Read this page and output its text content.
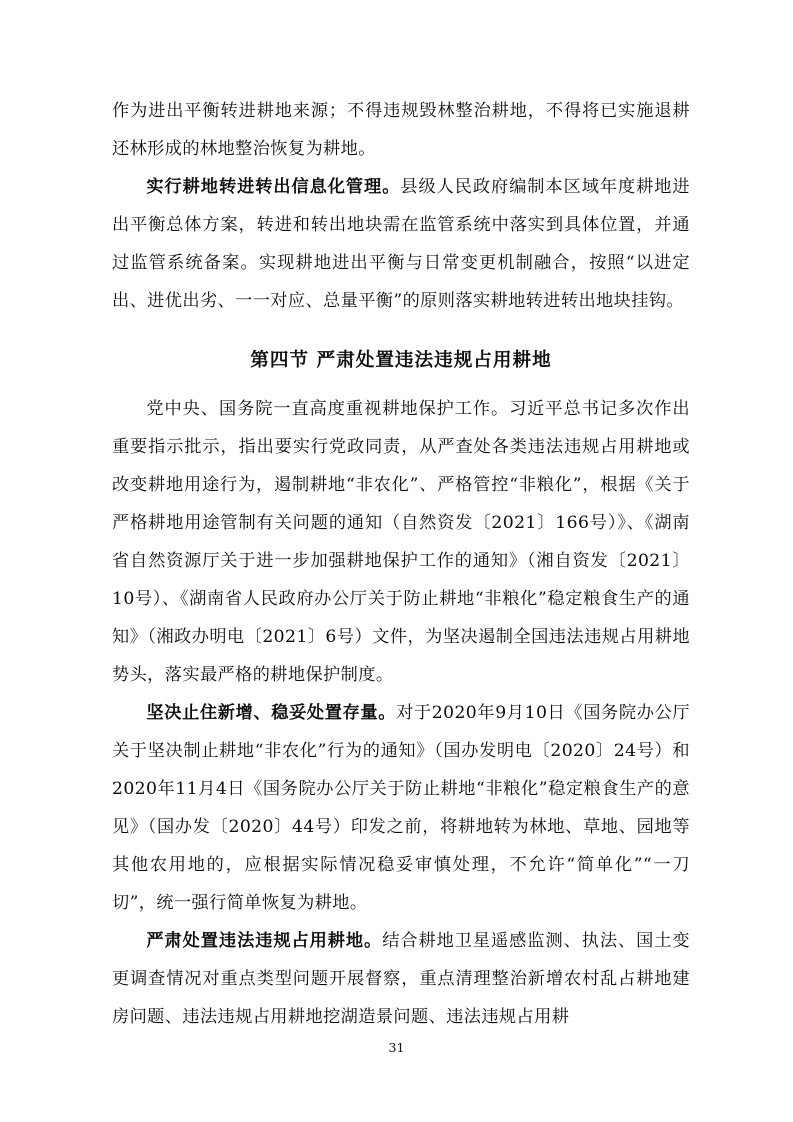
作为进出平衡转进耕地来源；不得违规毁林整治耕地，不得将已实施退耕还林形成的林地整治恢复为耕地。

实行耕地转进转出信息化管理。县级人民政府编制本区域年度耕地进出平衡总体方案，转进和转出地块需在监管系统中落实到具体位置，并通过监管系统备案。实现耕地进出平衡与日常变更机制融合，按照“以进定出、进优出劣、一一对应、总量平衡”的原则落实耕地转进转出地块挂钩。

第四节 严肃处置违法违规占用耕地

党中央、国务院一直高度重视耕地保护工作。习近平总书记多次作出重要指示批示，指出要实行党政同责，从严查处各类违法违规占用耕地或改变耕地用途行为，遏制耕地“非农化”、严格管控“非粮化”，根据《关于严格耕地用途管制有关问题的通知（自然资发〔2021〕166号）》、《湖南省自然资源厅关于进一步加强耕地保护工作的通知》（湘自资发〔2021〕10号）、《湖南省人民政府办公厅关于防止耕地“非粮化”稳定粮食生产的通知》（湘政办明电〔2021〕6号）文件，为坚决遏制全国违法违规占用耕地势头，落实最严格的耕地保护制度。

坚决止住新增、稳妥处置存量。对于2020年9月10日《国务院办公厅关于坚决制止耕地“非农化”行为的通知》（国办发明电〔2020〕24号）和2020年11月4日《国务院办公厅关于防止耕地“非粮化”稳定粮食生产的意见》（国办发〔2020〕44号）印发之前，将耕地转为林地、草地、园地等其他农用地的，应根据实际情况稳妥审慎处理，不允许“简单化”“一刀切”，统一强行简单恢复为耕地。

严肃处置违法违规占用耕地。结合耕地卫星遥感监测、执法、国土变更调查情况对重点类型问题开展督察，重点清理整治新增农村乱占耕地建房问题、违法违规占用耕地挖湖造景问题、违法违规占用耕

31
